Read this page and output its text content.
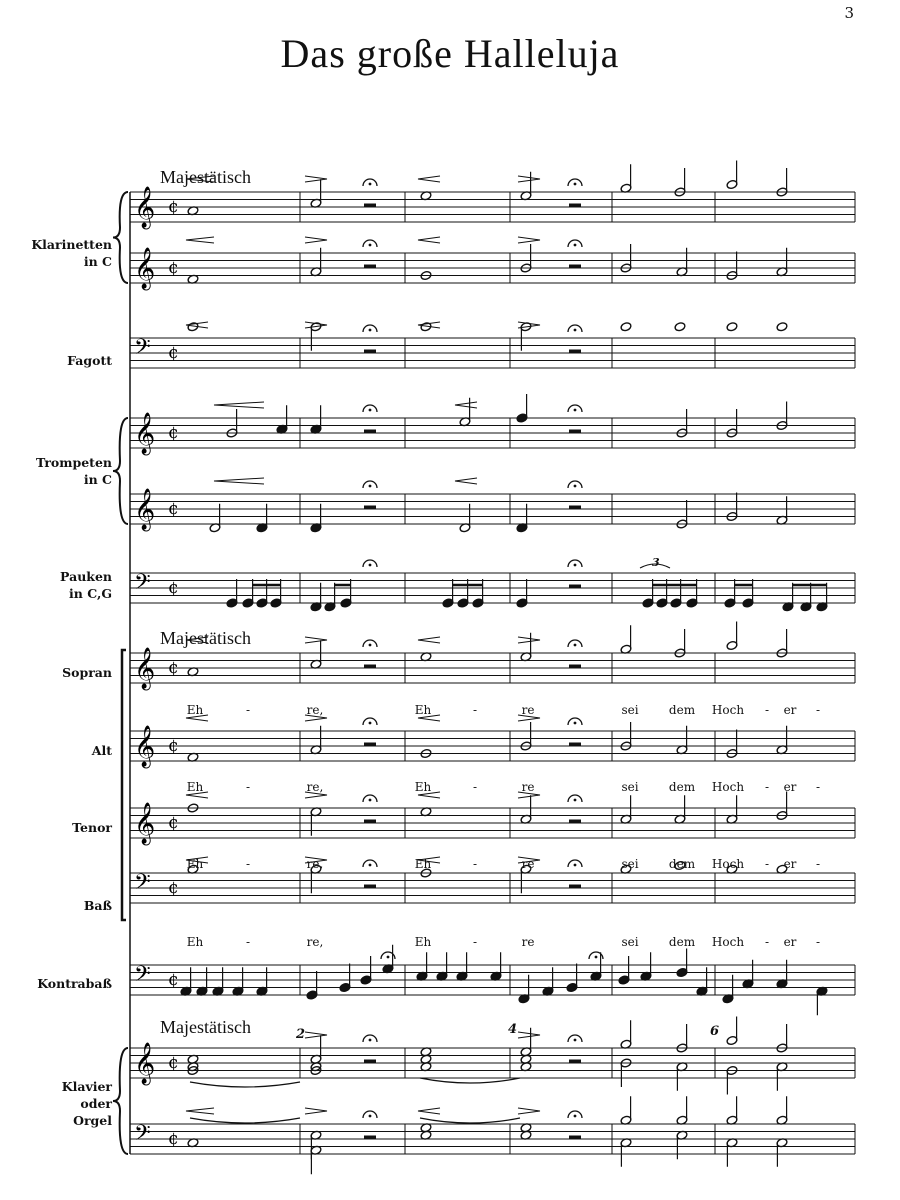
3
Das große Halleluja
Majestätisch
Majestätisch
Majestätisch
Klarinetten
in C
Fagott
Trompeten
in C
Pauken
in C,G
Sopran
Alt
Tenor
Baß
Kontrabaß
Klavier
oder
Orgel
2	4	6
3
Eh	-	re,	Eh	-	re	sei	dem Hoch - er -
Eh	-	re,	Eh	-	re	sei	dem Hoch - er -
Eh	-	re,	Eh	-	re	sei	dem Hoch - er -
Eh	-	re,	Eh	-	re	sei	dem Hoch - er -
𝄞 ¢
𝄞 ¢
𝄢 ¢
𝄞 ¢
𝄞 ¢
𝄢 ¢
𝄞 ¢
𝄞 ¢
𝄞 ¢
𝄢 ¢
𝄢 ¢
𝄞 ¢
𝄢 ¢
